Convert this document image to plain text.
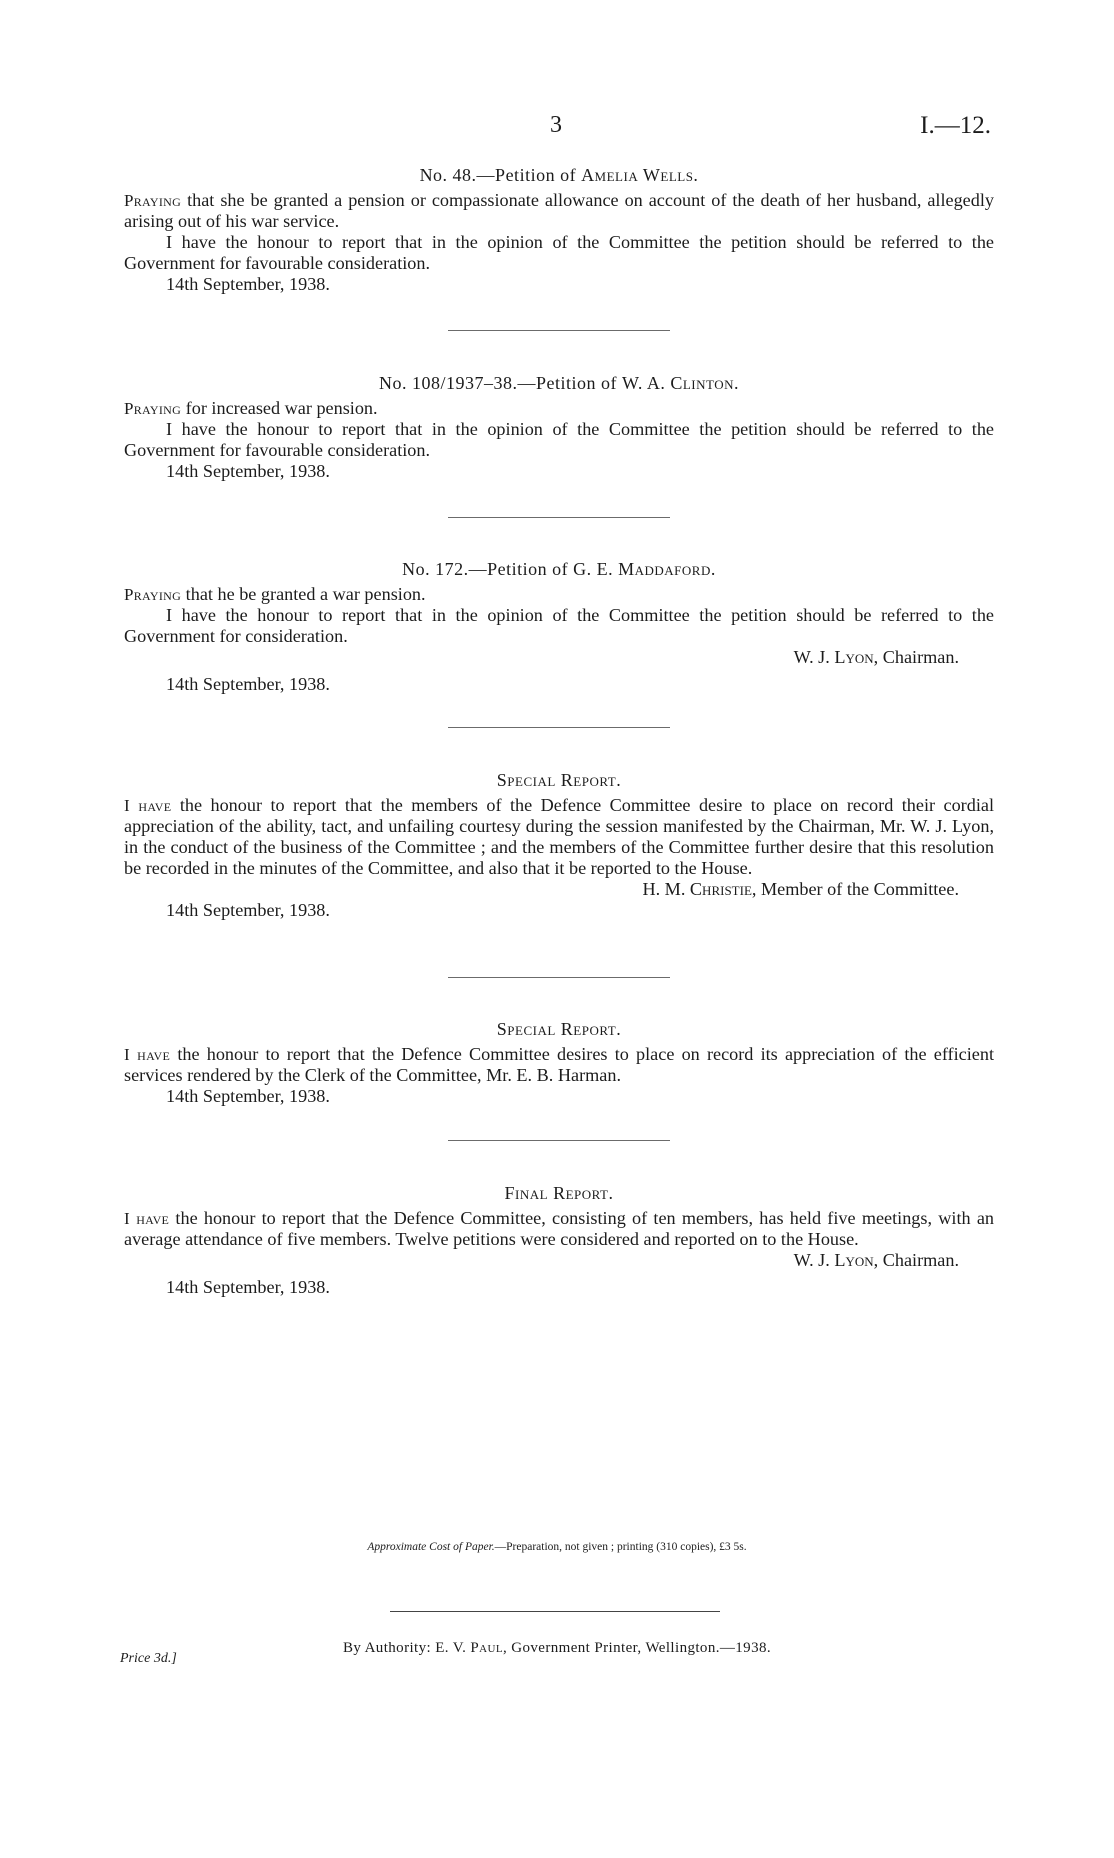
3	I.—12.
No. 48.—Petition of Amelia Wells.

Praying that she be granted a pension or compassionate allowance on account of the death of her husband, allegedly arising out of his war service.

I have the honour to report that in the opinion of the Committee the petition should be referred to the Government for favourable consideration.

14th September, 1938.
No. 108/1937–38.—Petition of W. A. Clinton.

Praying for increased war pension.

I have the honour to report that in the opinion of the Committee the petition should be referred to the Government for favourable consideration.

14th September, 1938.
No. 172.—Petition of G. E. Maddaford.

Praying that he be granted a war pension.

I have the honour to report that in the opinion of the Committee the petition should be referred to the Government for consideration.

W. J. Lyon, Chairman.
14th September, 1938.
Special Report.

I have the honour to report that the members of the Defence Committee desire to place on record their cordial appreciation of the ability, tact, and unfailing courtesy during the session manifested by the Chairman, Mr. W. J. Lyon, in the conduct of the business of the Committee ; and the members of the Committee further desire that this resolution be recorded in the minutes of the Committee, and also that it be reported to the House.

H. M. Christie, Member of the Committee.
14th September, 1938.
Special Report.

I have the honour to report that the Defence Committee desires to place on record its appreciation of the efficient services rendered by the Clerk of the Committee, Mr. E. B. Harman.

14th September, 1938.
Final Report.

I have the honour to report that the Defence Committee, consisting of ten members, has held five meetings, with an average attendance of five members. Twelve petitions were considered and reported on to the House.

W. J. Lyon, Chairman.
14th September, 1938.
Approximate Cost of Paper.—Preparation, not given ; printing (310 copies), £3 5s.
By Authority: E. V. Paul, Government Printer, Wellington.—1938.
Price 3d.]
